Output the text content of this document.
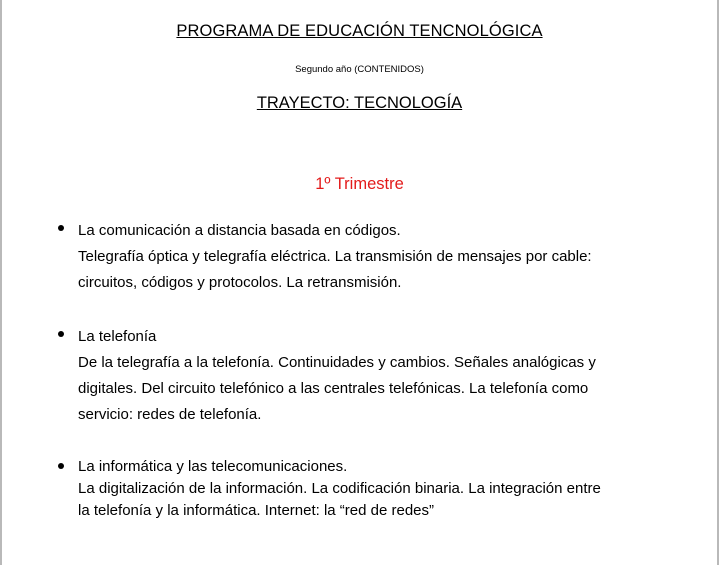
PROGRAMA DE EDUCACIÓN TENCNOLÓGICA
Segundo año (CONTENIDOS)
TRAYECTO: TECNOLOGÍA
1º Trimestre
La comunicación a distancia basada en códigos.
Telegrafía óptica y telegrafía eléctrica. La transmisión de mensajes por cable:
circuitos, códigos y protocolos. La retransmisión.
La telefonía
De la telegrafía a la telefonía. Continuidades y cambios. Señales analógicas y
digitales. Del circuito telefónico a las centrales telefónicas. La telefonía como
servicio: redes de telefonía.
La informática y las telecomunicaciones.
La digitalización de la información. La codificación binaria. La integración entre
la telefonía y la informática. Internet: la “red de redes”
